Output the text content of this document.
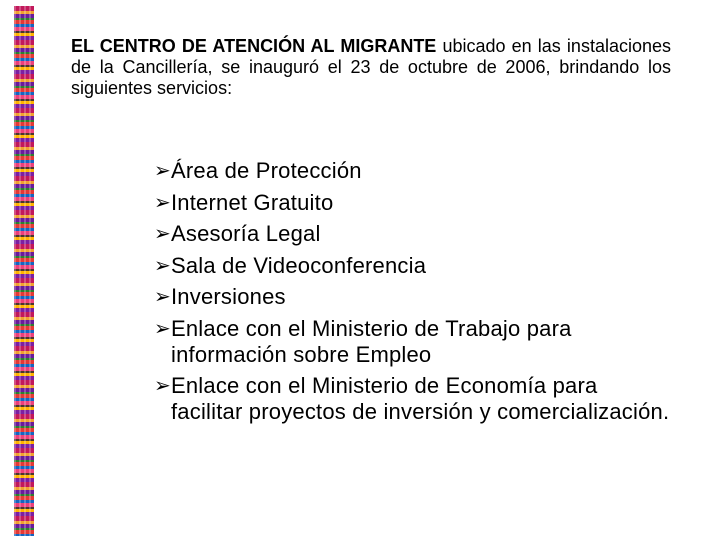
EL CENTRO DE ATENCIÓN AL MIGRANTE ubicado en las instalaciones de la Cancillería, se inauguró el 23 de octubre de 2006, brindando los siguientes servicios:

➢ Área de Protección
➢ Internet Gratuito
➢ Asesoría Legal
➢ Sala de Videoconferencia
➢ Inversiones
➢ Enlace con el Ministerio de Trabajo para información sobre Empleo
➢ Enlace con el Ministerio de Economía para facilitar proyectos de inversión y comercialización.
